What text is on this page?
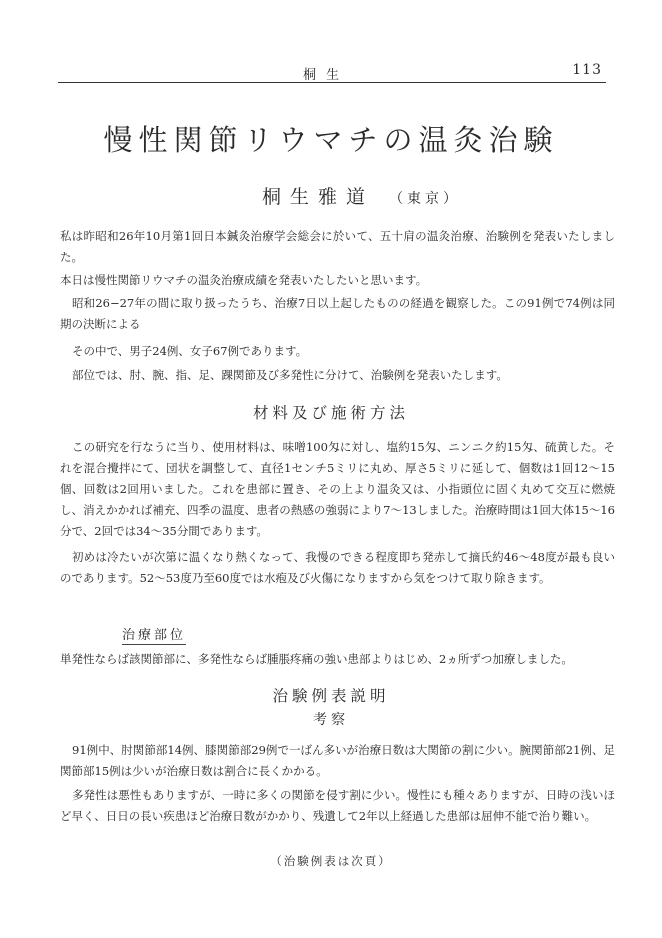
桐生	113
慢性関節リウマチの温灸治験
桐生雅道 （東京）
私は昨昭和26年10月第1回日本鍼灸治療学会総会に於いて、五十肩の温灸治療、治験例を発表いたしました。
本日は慢性関節リウマチの温灸治療成績を発表いたしたいと思います。
昭和26−27年の間に取り扱ったうち、治療7日以上起したものの経過を観察した。この91例で74例は同期の決断による
その中で、男子24例、女子67例であります。
部位では、肘、腕、指、足、踝関節及び多発性に分けて、治験例を発表いたします。
材料及び施術方法
この研究を行なうに当り、使用材料は、味噌100匁に対し、塩約15匁、ニンニク約15匁、硫黄した。それを混合攪拌にて、団状を調整して、直径1センチ5ミリに丸め、厚さ5ミリに延して、個数は1回12〜15個、回数は2回用いました。これを患部に置き、その上より温灸又は、小指頭位に固く丸めて交互に燃焼し、消えかかれば補充、四季の温度、患者の熱感の強弱により7〜13しました。治療時間は1回大体15〜16分で、2回では34〜35分間であります。
初めは冷たいが次第に温くなり熱くなって、我慢のできる程度即ち発赤して摘氏約46〜48度が最も良いのであります。52〜53度乃至60度では水疱及び火傷になりますから気をつけて取り除きます。
治療部位
単発性ならば該関節部に、多発性ならば腫脹疼痛の強い患部よりはじめ、2ヵ所ずつ加療しました。
治験例表説明
考察
91例中、肘関節部14例、膝関節部29例で一ばん多いが治療日数は大関節の割に少い。腕関節部21例、足関節部15例は少いが治療日数は割合に長くかかる。
多発性は悪性もありますが、一時に多くの関節を侵す割に少い。慢性にも種々ありますが、日時の浅いほど早く、日日の長い疾患ほど治療日数がかかり、残遺して2年以上経過した患部は屈伸不能で治り難い。
（治験例表は次頁）
